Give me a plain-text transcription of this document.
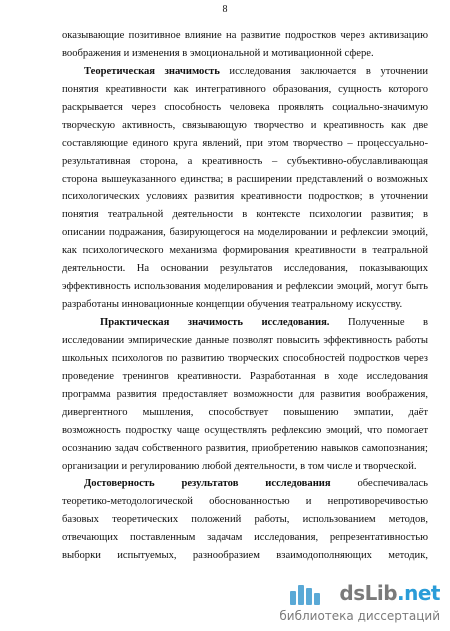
8
оказывающие позитивное влияние на развитие подростков через активизацию
воображения и изменения в эмоциональной и мотивационной сфере.
Теоретическая значимость исследования заключается в уточнении
понятия креативности как интегративного образования, сущность которого
раскрывается через способность человека проявлять социально-значимую
творческую активность, связывающую творчество и креативность как две
составляющие единого круга явлений, при этом творчество – процессуально-
результативная сторона, а креативность – субъективно-обуславливающая
сторона вышеуказанного единства; в расширении представлений о возможных
психологических условиях развития креативности подростков; в уточнении
понятия театральной деятельности в контексте психологии развития; в
описании подражания, базирующегося на моделировании и рефлексии эмоций,
как психологического механизма формирования креативности в театральной
деятельности. На основании результатов исследования, показывающих
эффективность использования моделирования и рефлексии эмоций, могут быть
разработаны инновационные концепции обучения театральному искусству.
Практическая значимость исследования. Полученные в
исследовании эмпирические данные позволят повысить эффективность работы
школьных психологов по развитию творческих способностей подростков через
проведение тренингов креативности. Разработанная в ходе исследования
программа развития предоставляет возможности для развития воображения,
дивергентного мышления, способствует повышению эмпатии, даёт
возможность подростку чаще осуществлять рефлексию эмоций, что помогает
осознанию задач собственного развития, приобретению навыков самопознания;
организации и регулированию любой деятельности, в том числе и творческой.
Достоверность результатов исследования обеспечивалась
теоретико-методологической обоснованностью и непротиворечивостью
базовых теоретических положений работы, использованием методов,
отвечающих поставленным задачам исследования, репрезентативностью
выборки испытуемых, разнообразием взаимодополняющих методик,
dsLib.net
библиотека диссертаций
